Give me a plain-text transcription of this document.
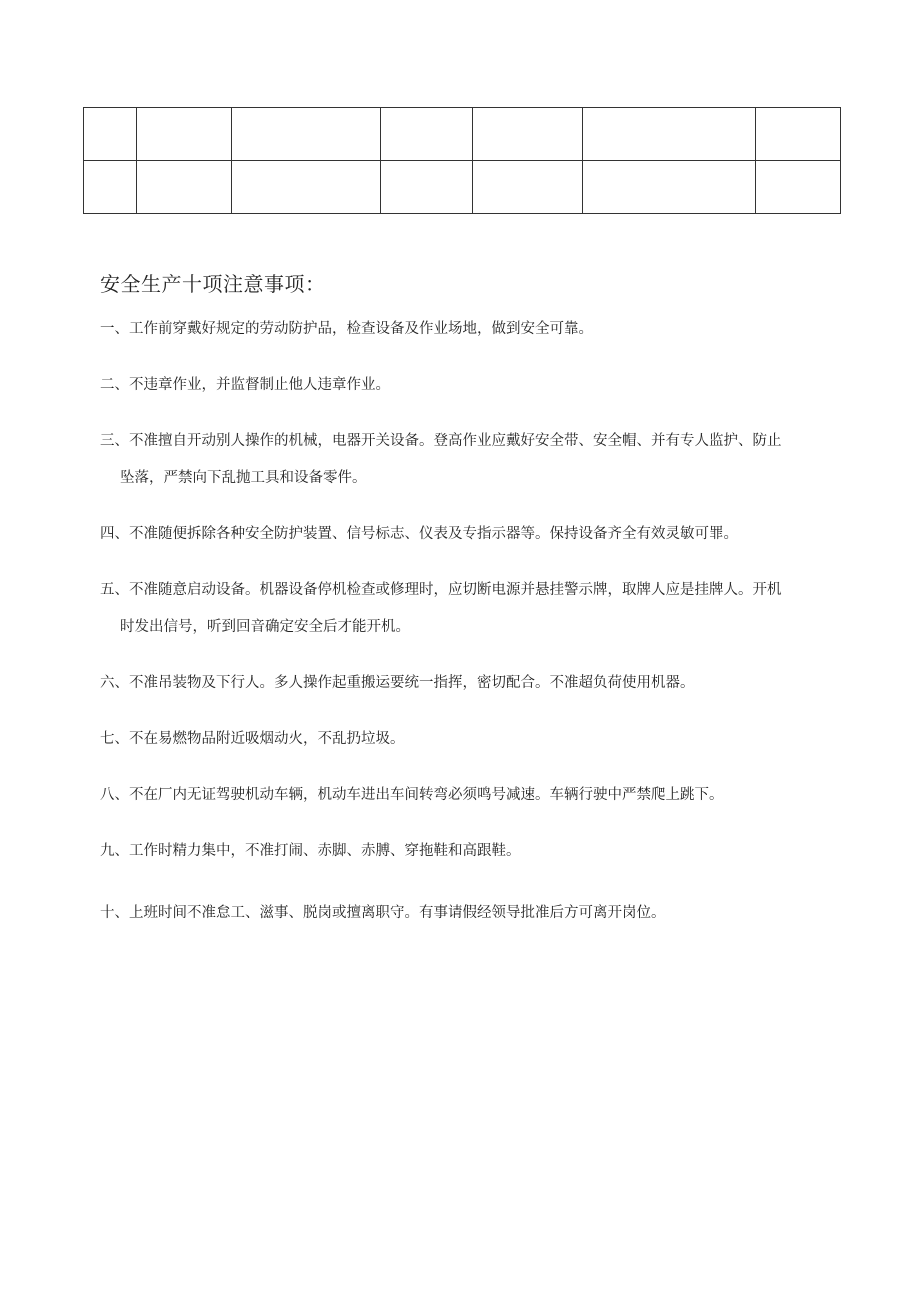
安全生产十项注意事项：
一、工作前穿戴好规定的劳动防护品，检查设备及作业场地，做到安全可靠。
二、不违章作业，并监督制止他人违章作业。
三、不准擅自开动别人操作的机械，电器开关设备。登高作业应戴好安全带、安全帽、并有专人监护、防止
坠落，严禁向下乱抛工具和设备零件。
四、不准随便拆除各种安全防护装置、信号标志、仪表及专指示器等。保持设备齐全有效灵敏可罪。
五、不准随意启动设备。机器设备停机检查或修理时，应切断电源并悬挂警示牌，取牌人应是挂牌人。开机
时发出信号，听到回音确定安全后才能开机。
六、不准吊装物及下行人。多人操作起重搬运要统一指挥，密切配合。不准超负荷使用机器。
七、不在易燃物品附近吸烟动火，不乱扔垃圾。
八、不在厂内无证驾驶机动车辆，机动车进出车间转弯必须鸣号减速。车辆行驶中严禁爬上跳下。
九、工作时精力集中，不准打闹、赤脚、赤膊、穿拖鞋和高跟鞋。
十、上班时间不准怠工、滋事、脱岗或擅离职守。有事请假经领导批准后方可离开岗位。
